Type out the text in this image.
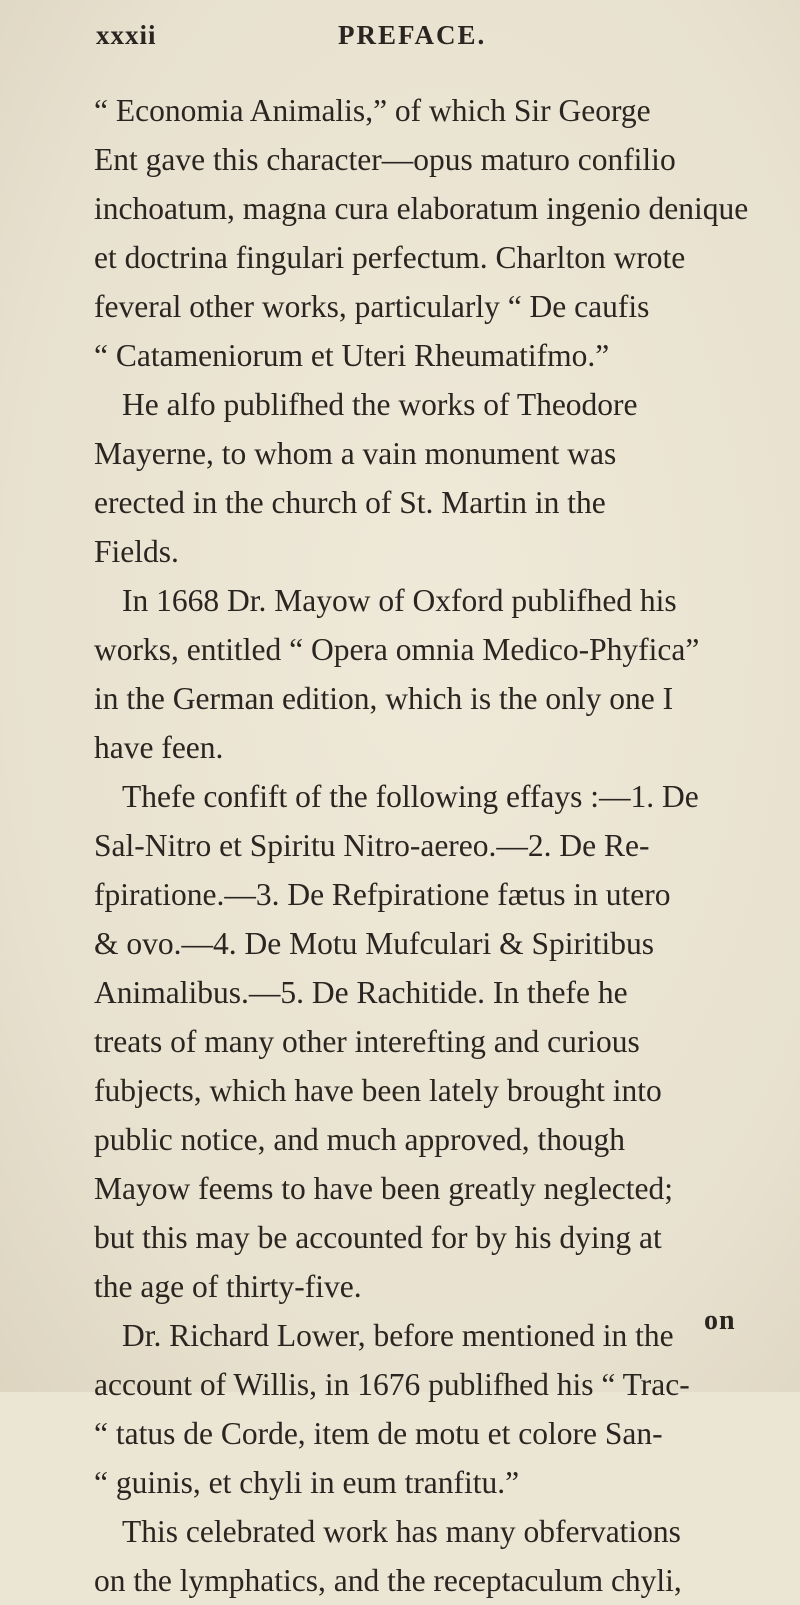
xxxii	PREFACE.
“ Economia Animalis,” of which Sir George
Ent gave this character—opus maturo confilio
inchoatum, magna cura elaboratum ingenio denique
et doctrina fingulari perfectum. Charlton wrote
feveral other works, particularly “ De caufis
“ Catameniorum et Uteri Rheumatifmo.”
He alfo publifhed the works of Theodore
Mayerne, to whom a vain monument was
erected in the church of St. Martin in the
Fields.
In 1668 Dr. Mayow of Oxford publifhed his
works, entitled “ Opera omnia Medico-Phyfica”
in the German edition, which is the only one I
have feen.
Thefe confift of the following effays :—1. De
Sal-Nitro et Spiritu Nitro-aereo.—2. De Re-
fpiratione.—3. De Refpiratione fætus in utero
& ovo.—4. De Motu Mufculari & Spiritibus
Animalibus.—5. De Rachitide. In thefe he
treats of many other interefting and curious
fubjects, which have been lately brought into
public notice, and much approved, though
Mayow feems to have been greatly neglected;
but this may be accounted for by his dying at
the age of thirty-five.
Dr. Richard Lower, before mentioned in the
account of Willis, in 1676 publifhed his “ Trac-
“ tatus de Corde, item de motu et colore San-
“ guinis, et chyli in eum tranfitu.”
This celebrated work has many obfervations
on the lymphatics, and the receptaculum chyli,
on
